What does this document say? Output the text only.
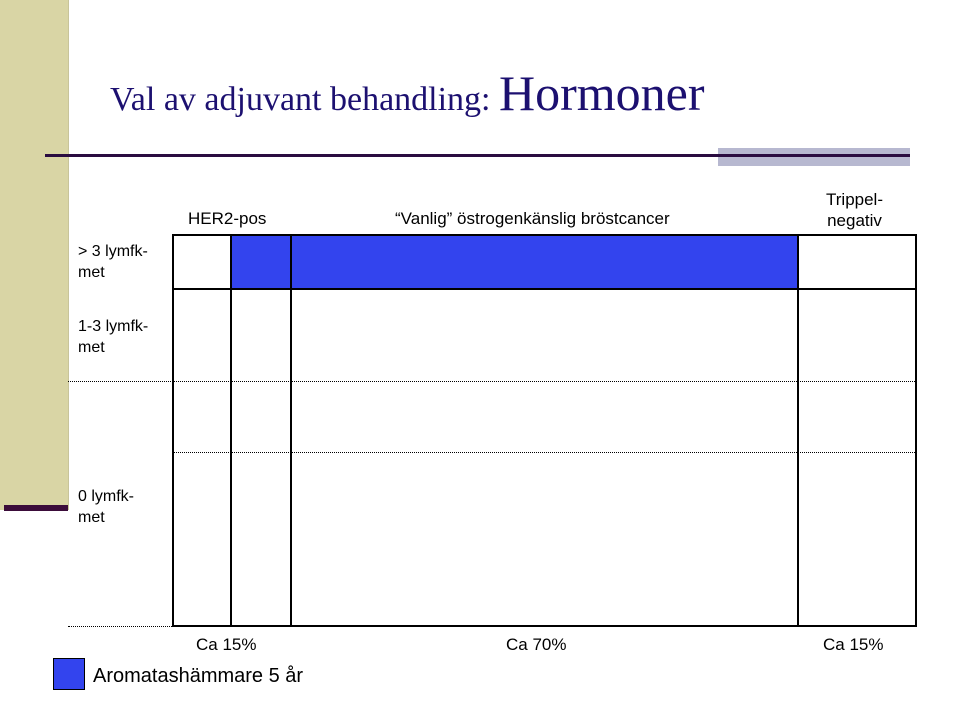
Val av adjuvant behandling: Hormoner
HER2-pos	“Vanlig” östrogenkänslig bröstcancer
Trippel-
negativ
> 3 lymfk-
met
1-3 lymfk-
met
0 lymfk-
met
Ca 15%	Ca 70%	Ca 15%
Aromatashämmare 5 år
